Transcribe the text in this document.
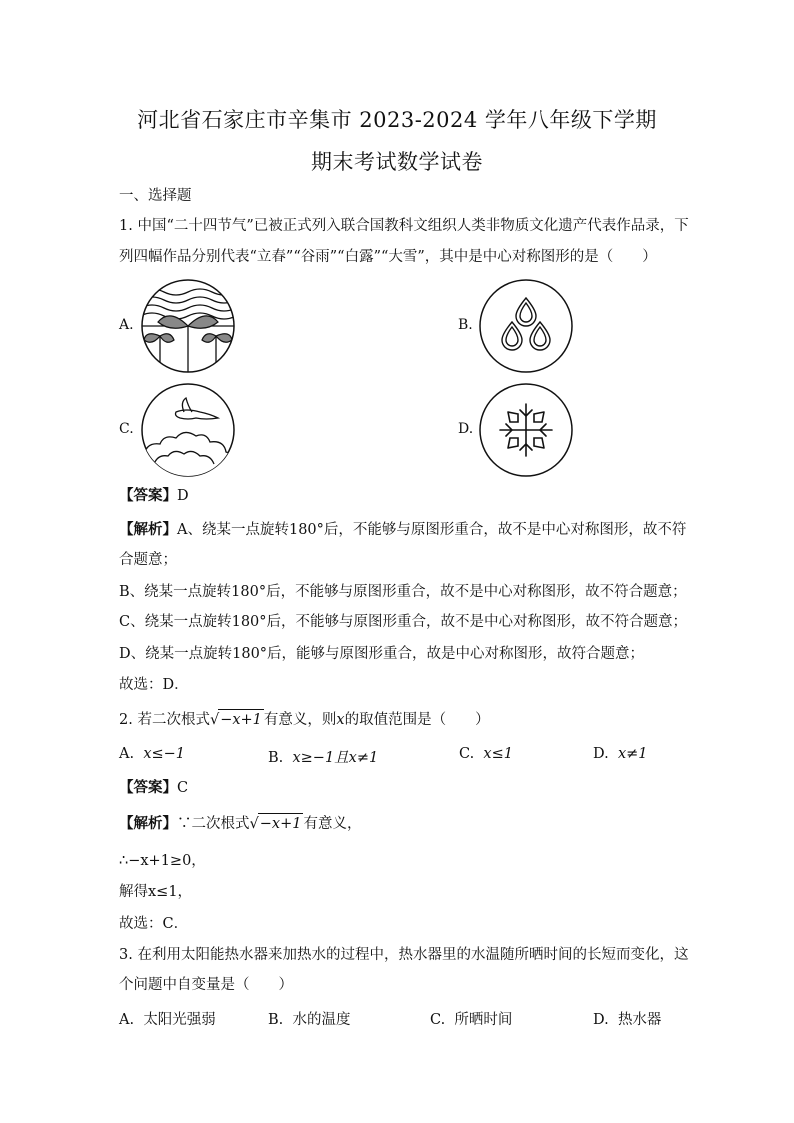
河北省石家庄市辛集市 2023-2024 学年八年级下学期
期末考试数学试卷
一、选择题
1. 中国“二十四节气”已被正式列入联合国教科文组织人类非物质文化遗产代表作品录，下
列四幅作品分别代表“立春”“谷雨”“白露”“大雪”，其中是中心对称图形的是（　　）
A.	B.
C.	D.
【答案】D
【解析】A、绕某一点旋转180°后，不能够与原图形重合，故不是中心对称图形，故不符
合题意；
B、绕某一点旋转180°后，不能够与原图形重合，故不是中心对称图形，故不符合题意；
C、绕某一点旋转180°后，不能够与原图形重合，故不是中心对称图形，故不符合题意；
D、绕某一点旋转180°后，能够与原图形重合，故是中心对称图形，故符合题意；
故选：D．
2. 若二次根式√−x+1 有意义，则x的取值范围是（　　）
A. x≤−1	B. x≥−1且x≠1	C. x≤1	D. x≠1
【答案】C
【解析】∵二次根式√−x+1 有意义，
∴−x+1≥0，
解得x≤1，
故选：C．
3. 在利用太阳能热水器来加热水的过程中，热水器里的水温随所晒时间的长短而变化，这
个问题中自变量是（　　）
A. 太阳光强弱	B. 水的温度	C. 所晒时间	D. 热水器
